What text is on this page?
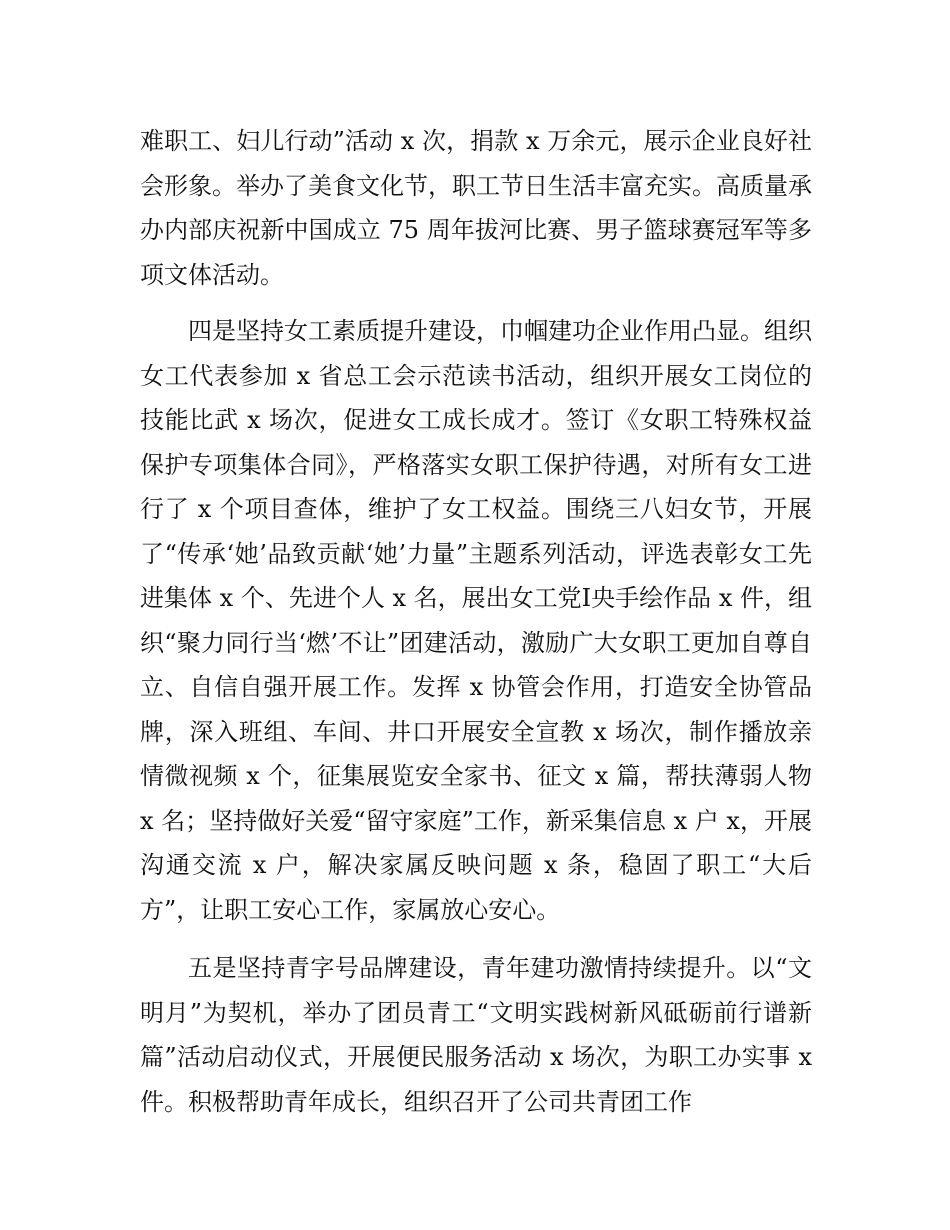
难职工、妇儿行动”活动 x 次，捐款 x 万余元，展示企业良好社会形象。举办了美食文化节，职工节日生活丰富充实。高质量承办内部庆祝新中国成立 75 周年拔河比赛、男子篮球赛冠军等多项文体活动。

四是坚持女工素质提升建设，巾帼建功企业作用凸显。组织女工代表参加 x 省总工会示范读书活动，组织开展女工岗位的技能比武 x 场次，促进女工成长成才。签订《女职工特殊权益保护专项集体合同》，严格落实女职工保护待遇，对所有女工进行了 x 个项目查体，维护了女工权益。围绕三八妇女节，开展了“传承‘她’品致贡献‘她’力量”主题系列活动，评选表彰女工先进集体 x 个、先进个人 x 名，展出女工党Ⅰ央手绘作品 x 件，组织“聚力同行当‘燃’不让”团建活动，激励广大女职工更加自尊自立、自信自强开展工作。发挥 x 协管会作用，打造安全协管品牌，深入班组、车间、井口开展安全宣教 x 场次，制作播放亲情微视频 x 个，征集展览安全家书、征文 x 篇，帮扶薄弱人物 x 名；坚持做好关爱“留守家庭”工作，新采集信息 x 户 x，开展沟通交流 x 户，解决家属反映问题 x 条，稳固了职工“大后方”，让职工安心工作，家属放心安心。

五是坚持青字号品牌建设，青年建功激情持续提升。以“文明月”为契机，举办了团员青工“文明实践树新风砥砺前行谱新篇”活动启动仪式，开展便民服务活动 x 场次，为职工办实事 x 件。积极帮助青年成长，组织召开了公司共青团工作
